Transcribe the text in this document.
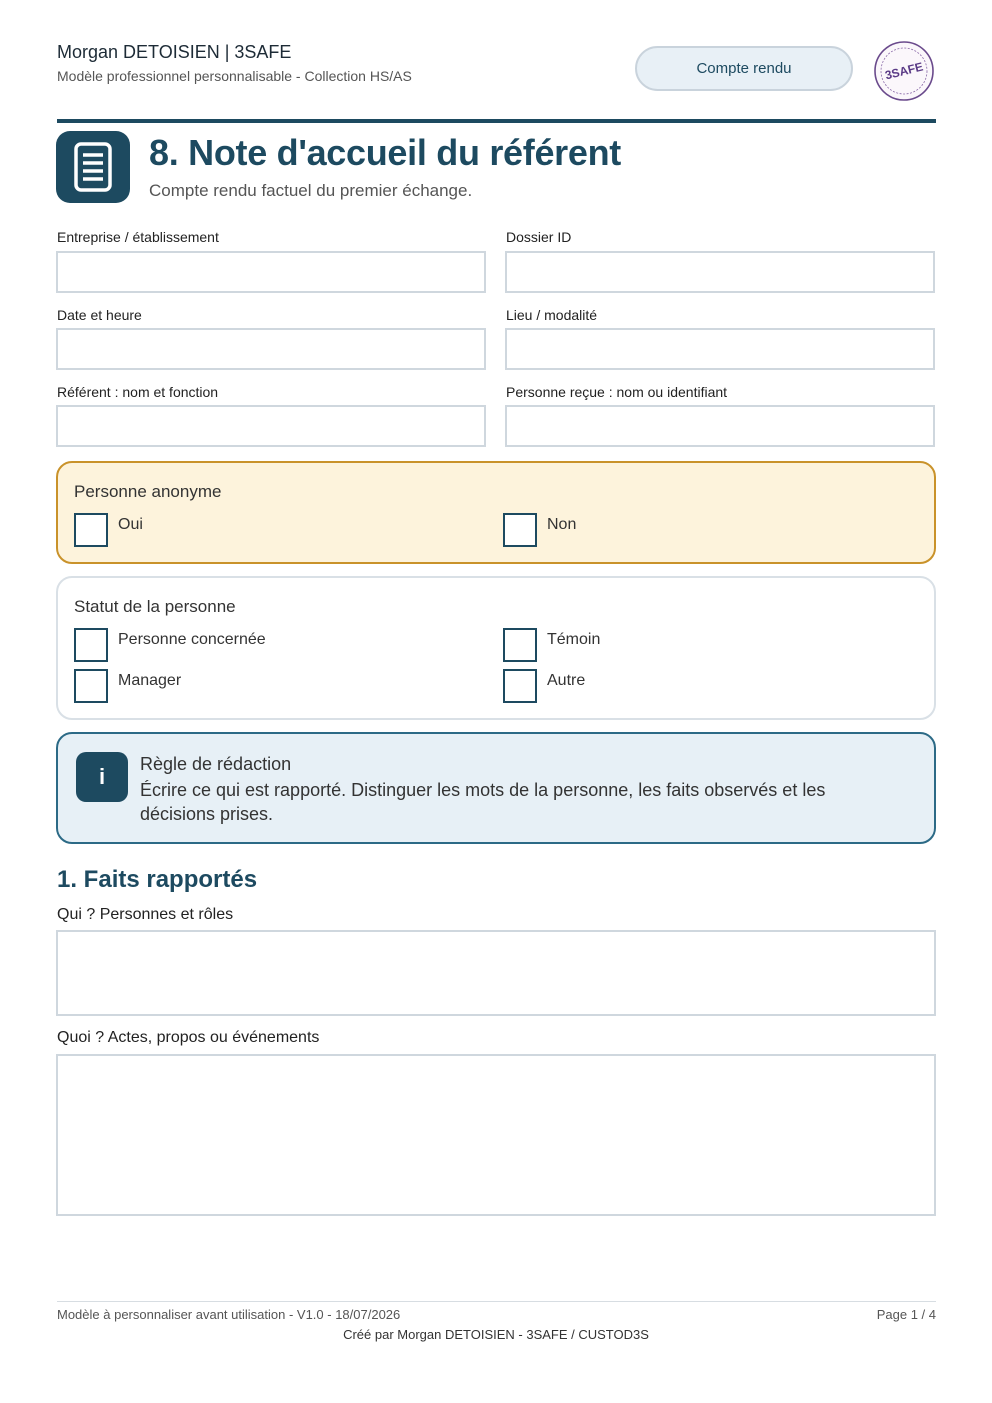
Morgan DETOISIEN | 3SAFE
Modèle professionnel personnalisable - Collection HS/AS	Compte rendu	3SAFE
8. Note d'accueil du référent
Compte rendu factuel du premier échange.
Entreprise / établissement	Dossier ID
Date et heure	Lieu / modalité
Référent : nom et fonction	Personne reçue : nom ou identifiant
Personne anonyme
Oui	Non
Statut de la personne
Personne concernée	Témoin
Manager	Autre
i	Règle de rédaction
Écrire ce qui est rapporté. Distinguer les mots de la personne, les faits observés et les décisions prises.
1. Faits rapportés
Qui ? Personnes et rôles
Quoi ? Actes, propos ou événements
Modèle à personnaliser avant utilisation - V1.0 - 18/07/2026	Page 1 / 4
Créé par Morgan DETOISIEN - 3SAFE / CUSTOD3S
